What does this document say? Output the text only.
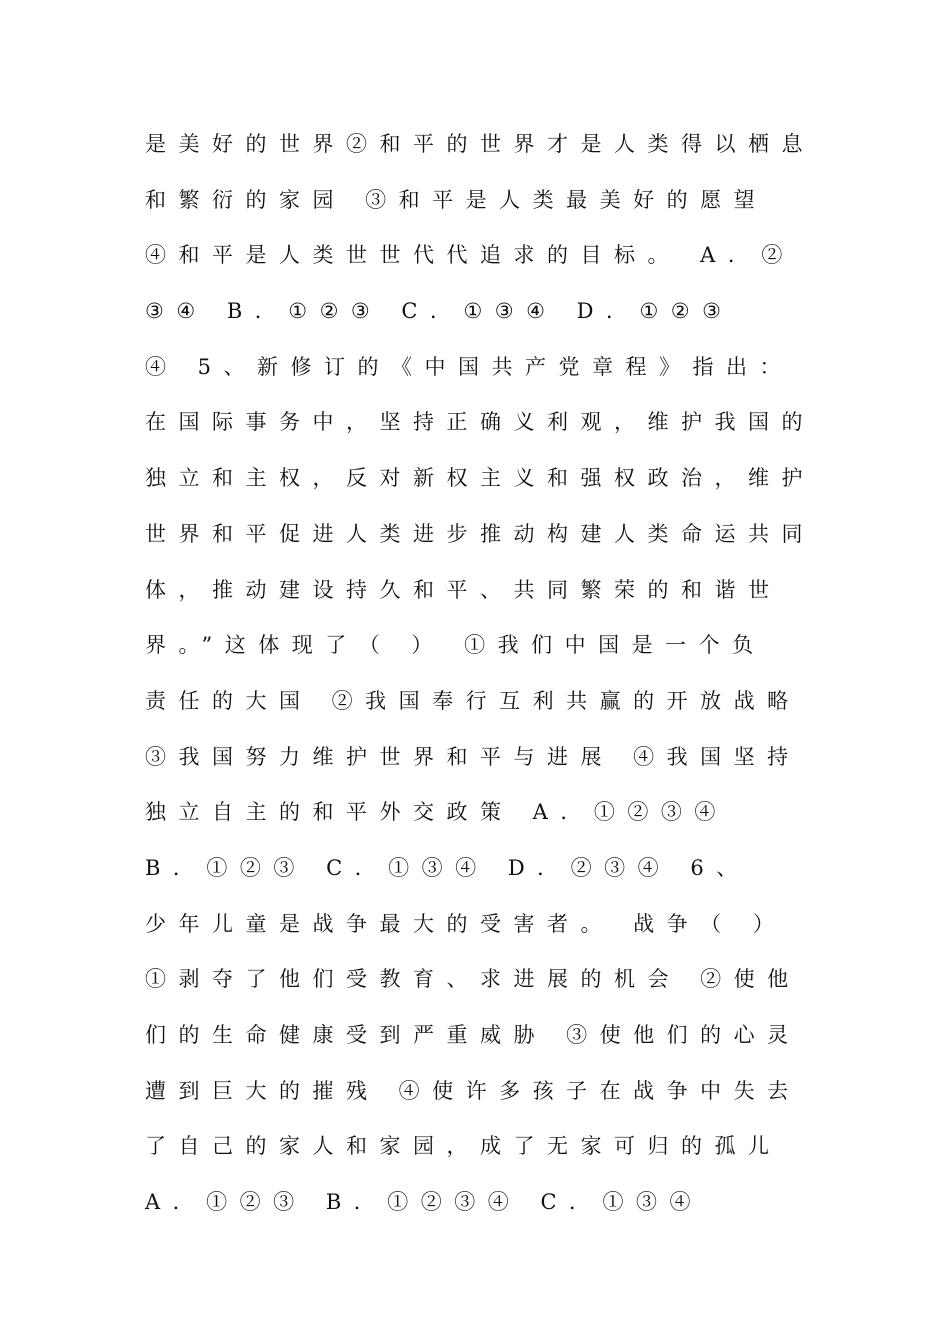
是美好的世界②和平的世界才是人类得以栖息
和繁衍的家园 ③和平是人类最美好的愿望
④和平是人类世世代代追求的目标。 A．②
③④ B．①②③ C．①③④ D．①②③
④ 5、新修订的《中国共产党章程》指出：
在国际事务中，坚持正确义利观，维护我国的
独立和主权，反对新权主义和强权政治，维护
世界和平促进人类进步推动构建人类命运共同
体，推动建设持久和平、共同繁荣的和谐世
界。”这体现了（ ） ①我们中国是一个负
责任的大国 ②我国奉行互利共赢的开放战略
③我国努力维护世界和平与进展 ④我国坚持
独立自主的和平外交政策 A．①②③④
B．①②③ C．①③④ D．②③④ 6、
少年儿童是战争最大的受害者。 战争（ ）
①剥夺了他们受教育、求进展的机会 ②使他
们的生命健康受到严重威胁 ③使他们的心灵
遭到巨大的摧残 ④使许多孩子在战争中失去
了自己的家人和家园，成了无家可归的孤儿
A．①②③ B．①②③④ C．①③④
